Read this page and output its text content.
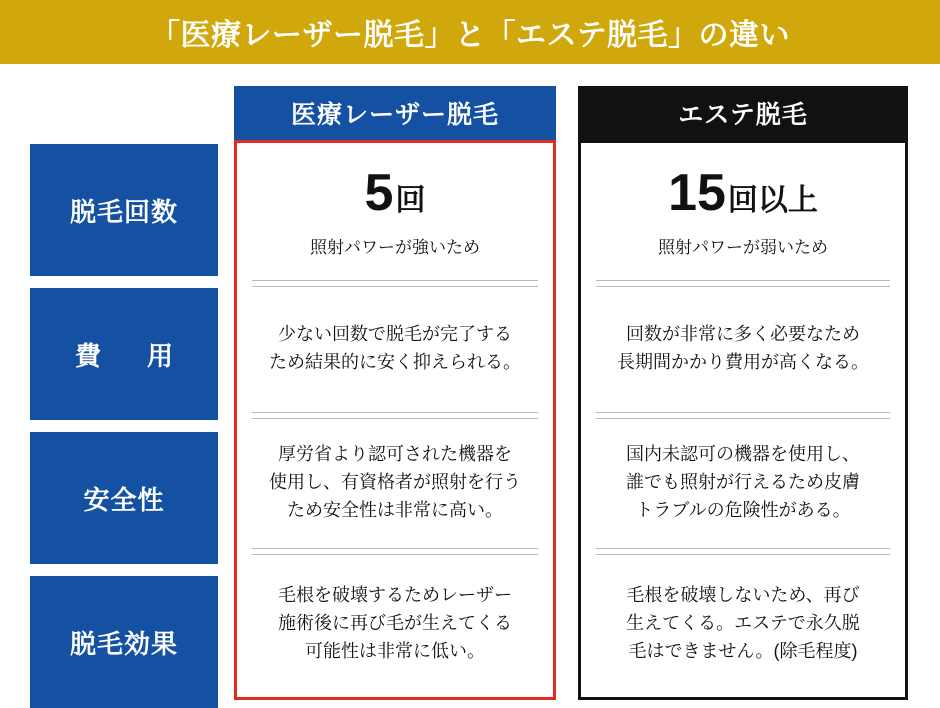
「医療レーザー脱毛」と「エステ脱毛」の違い
医療レーザー脱毛	エステ脱毛
脱毛回数	5回
照射パワーが強いため
15回以上
照射パワーが弱いため
費　用
少ない回数で脱毛が完了する
ため結果的に安く抑えられる。
回数が非常に多く必要なため
長期間かかり費用が高くなる。
安全性
厚労省より認可された機器を
使用し、有資格者が照射を行う
ため安全性は非常に高い。
国内未認可の機器を使用し、
誰でも照射が行えるため皮膚
トラブルの危険性がある。
脱毛効果
毛根を破壊するためレーザー
施術後に再び毛が生えてくる
可能性は非常に低い。
毛根を破壊しないため、再び
生えてくる。エステで永久脱
毛はできません。(除毛程度)
